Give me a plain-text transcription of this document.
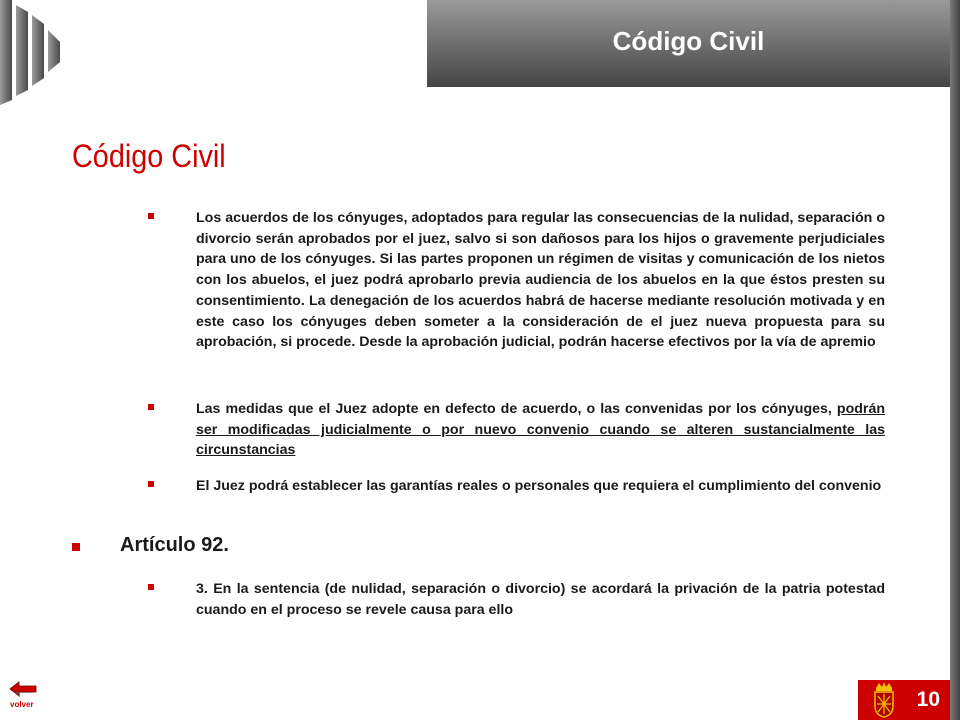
Código Civil
Código Civil
Los acuerdos de los cónyuges, adoptados para regular las consecuencias de la nulidad, separación o divorcio serán aprobados por el juez, salvo si son dañosos para los hijos o gravemente perjudiciales para uno de los cónyuges. Si las partes proponen un régimen de visitas y comunicación de los nietos con los abuelos, el juez podrá aprobarlo previa audiencia de los abuelos en la que éstos presten su consentimiento. La denegación de los acuerdos habrá de hacerse mediante resolución motivada y en este caso los cónyuges deben someter a la consideración de el juez nueva propuesta para su aprobación, si procede. Desde la aprobación judicial, podrán hacerse efectivos por la vía de apremio
Las medidas que el Juez adopte en defecto de acuerdo, o las convenidas por los cónyuges, podrán ser modificadas judicialmente o por nuevo convenio cuando se alteren sustancialmente las circunstancias
El Juez podrá establecer las garantías reales o personales que requiera el cumplimiento del convenio
Artículo 92.
3. En la sentencia (de nulidad, separación o divorcio) se acordará la privación de la patria potestad cuando en el proceso se revele causa para ello
volver	10
